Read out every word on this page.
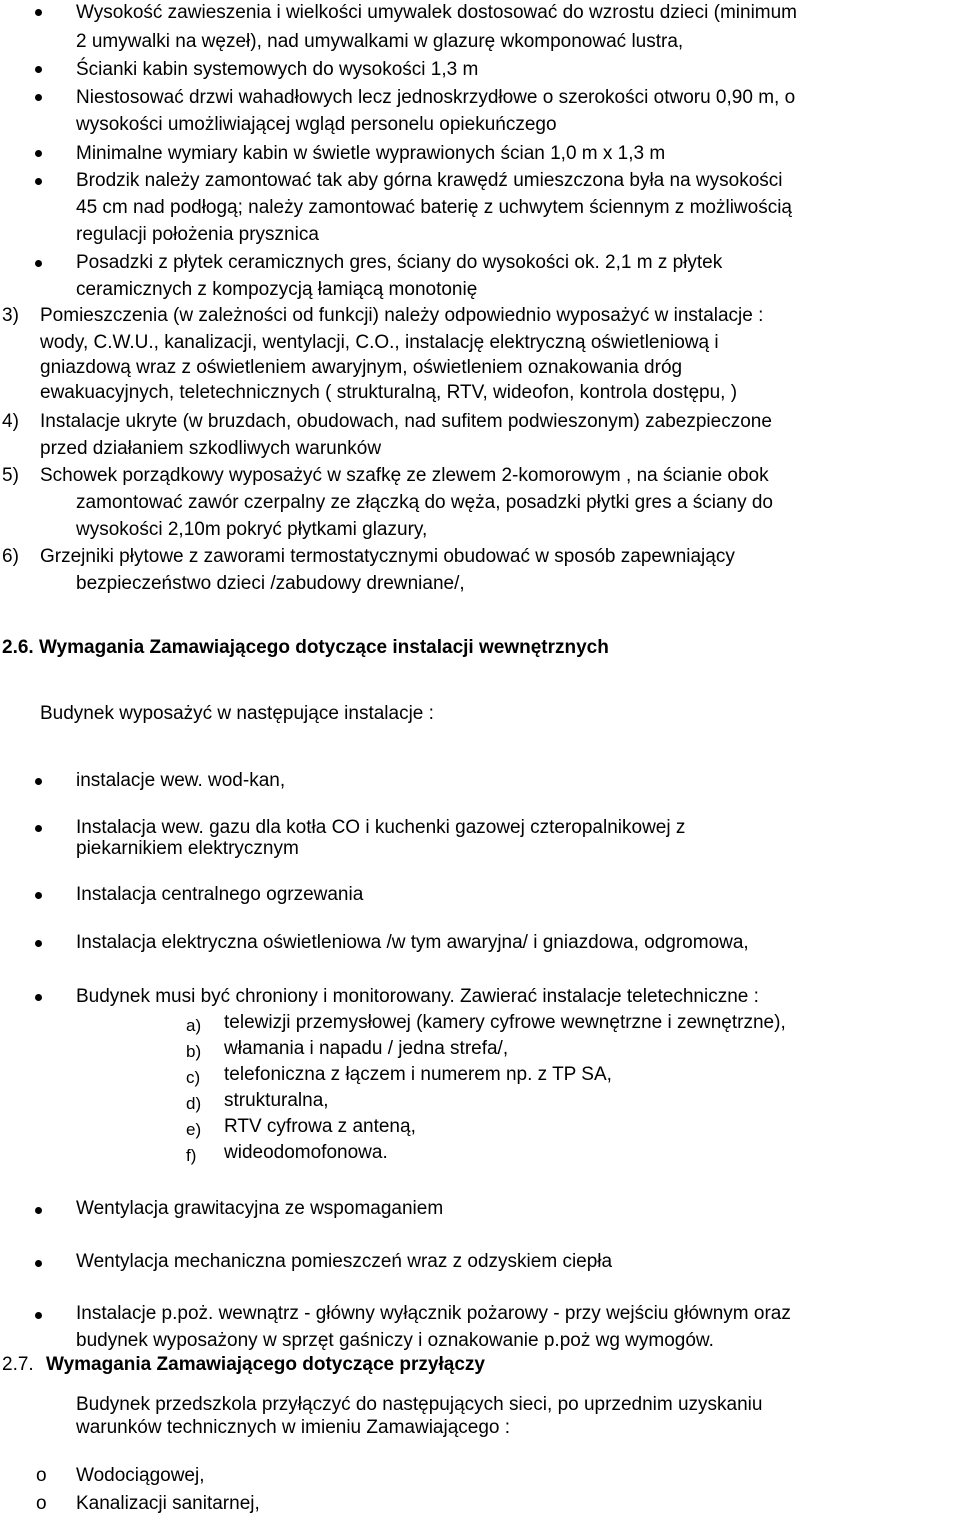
Wysokość zawieszenia i wielkości umywalek dostosować do wzrostu dzieci (minimum
2 umywalki na węzeł), nad umywalkami w glazurę wkomponować lustra,
Ścianki kabin systemowych do wysokości 1,3 m
Niestosować drzwi wahadłowych lecz jednoskrzydłowe o szerokości otworu 0,90 m, o
wysokości umożliwiającej wgląd personelu opiekuńczego
Minimalne wymiary kabin w świetle wyprawionych ścian 1,0 m x 1,3 m
Brodzik należy zamontować tak aby górna krawędź umieszczona była na wysokości
45 cm nad podłogą; należy zamontować baterię z uchwytem ściennym z możliwością
regulacji położenia prysznica
Posadzki z płytek ceramicznych gres, ściany do wysokości ok. 2,1 m z płytek
ceramicznych z kompozycją łamiącą monotonię
3) Pomieszczenia (w zależności od funkcji) należy odpowiednio wyposażyć w instalacje :
wody, C.W.U., kanalizacji, wentylacji, C.O., instalację elektryczną oświetleniową i
gniazdową wraz z oświetleniem awaryjnym, oświetleniem oznakowania dróg
ewakuacyjnych, teletechnicznych ( strukturalną, RTV, wideofon, kontrola dostępu, )
4) Instalacje ukryte (w bruzdach, obudowach, nad sufitem podwieszonym) zabezpieczone
przed działaniem szkodliwych warunków
5) Schowek porządkowy wyposażyć w szafkę ze zlewem 2-komorowym , na ścianie obok
zamontować zawór czerpalny ze złączką do węża, posadzki płytki gres a ściany do
wysokości 2,10m pokryć płytkami glazury,
6) Grzejniki płytowe z zaworami termostatycznymi obudować w sposób zapewniający
bezpieczeństwo dzieci /zabudowy drewniane/,
2.6. Wymagania Zamawiającego dotyczące instalacji wewnętrznych
Budynek wyposażyć w następujące instalacje :
instalacje wew. wod-kan,
Instalacja wew. gazu dla kotła CO i kuchenki gazowej czteropalnikowej z
piekarnikiem elektrycznym
Instalacja centralnego ogrzewania
Instalacja elektryczna oświetleniowa /w tym awaryjna/ i gniazdowa, odgromowa,
Budynek musi być chroniony i monitorowany. Zawierać instalacje teletechniczne :
a) telewizji przemysłowej (kamery cyfrowe wewnętrzne i zewnętrzne),
b) włamania i napadu / jedna strefa/,
c) telefoniczna z łączem i numerem np. z TP SA,
d) strukturalna,
e) RTV cyfrowa z anteną,
f) wideodomofonowa.
Wentylacja grawitacyjna ze wspomaganiem
Wentylacja mechaniczna pomieszczeń wraz z odzyskiem ciepła
Instalacje p.poż. wewnątrz - główny wyłącznik pożarowy - przy wejściu głównym oraz
budynek wyposażony w sprzęt gaśniczy i oznakowanie p.poż wg wymogów.
2.7. Wymagania Zamawiającego dotyczące przyłączy
Budynek przedszkola przyłączyć do następujących sieci, po uprzednim uzyskaniu
warunków technicznych w imieniu Zamawiającego :
o Wodociągowej,
o Kanalizacji sanitarnej,
